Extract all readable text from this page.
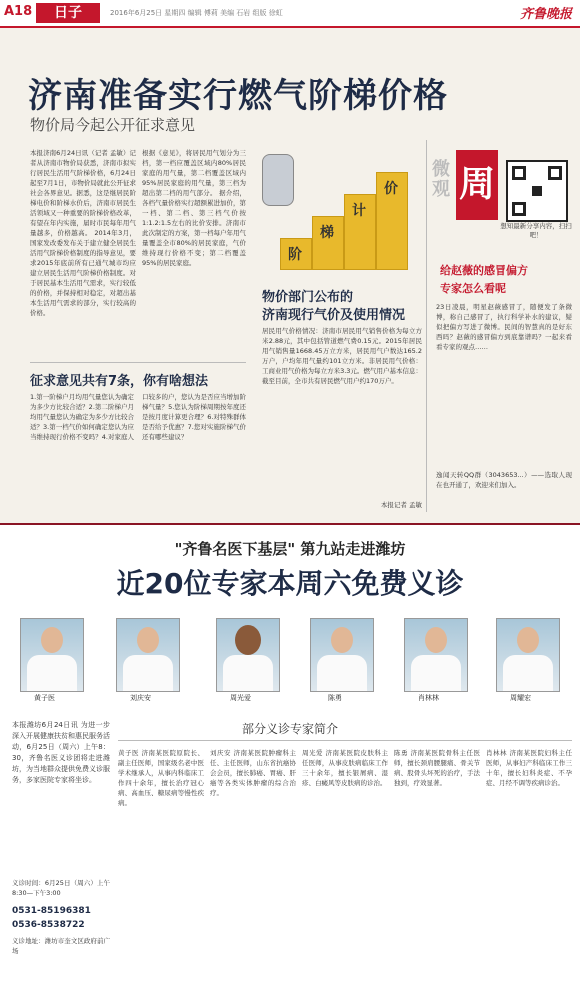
A18	日子	2016年6月25日 星期四 编辑 傅莉 美编 石岩 组版 徐虹	齐鲁晚报
济南准备实行燃气阶梯价格
物价局今起公开征求意见
本报济南6月24日讯（记者 孟敏）记者从济南市物价局获悉，济南市拟实行居民生活用气阶梯价格，6月24日起至7月1日，市物价局就此公开征求社会各界意见。据悉，这是继居民阶梯电价和阶梯水价后，济南市居民生活领域又一种重要的阶梯价格改革，有望在年内实施，届时市民每年用气量越多，价格越高。 2014年3月，国家发改委发布关于建立健全居民生活用气阶梯价格制度的指导意见，要求2015年底前所有已通气城市均应建立居民生活用气阶梯价格制度。对于居民基本生活用气需求，实行较低的价格，并保持相对稳定，对超出基本生活用气需求的部分，实行较高的价格。
根据《意见》，将居民用气划分为三档，第一档应覆盖区域内80%居民家庭的用气量，第二档覆盖区域内95%居民家庭的用气量，第三档为超出第二档的用气部分。 据介绍，各档气量价格实行超额累进加价，第一档、第二档、第三档气价按1:1.2:1.5左右的比价安排。济南市此次制定的方案，第一档每户年用气量覆盖全市80%的居民家庭，气价维持现行价格不变；第二档覆盖95%的居民家庭。	阶
梯
计
价
征求意见共有7条，你有啥想法
1.第一阶梯户月均用气量您认为确定为多少方比较合适？2.第二阶梯户月均用气量您认为确定为多少方比较合适？3.第一档气价如何确定您认为应当维持现行价格不变吗？4.对家庭人口较多的户，您认为是否应当增加阶梯气量？5.您认为阶梯周期按年度还是按月度计算更合理？6.对特殊群体是否给予优惠？7.您对实施阶梯气价还有哪些建议？
物价部门公布的
济南现行气价及使用情况
居民用气价格情况：济南市居民用气销售价格为每立方米2.88元，其中包括管道燃气费0.15元。2015年居民用气销售量1668.45万立方米，居民用气户数达165.2万户，户均年用气量约101立方米。非居民用气价格：工商业用气价格为每立方米3.3元。燃气用户基本信息：截至目前，全市共有居民燃气用户约170万户。
本报记者 孟敏
微观 周
想知最新分享内容，扫扫吧！
给赵薇的感冒偏方
专家怎么看呢
23日凌晨，明星赵薇感冒了，随便发了条微博，称自己感冒了，执行科学补水的建议，疑似把偏方写进了微博。民间的智慧真的是好东西吗？赵薇的感冒偏方到底靠谱吗？一起来看看专家的观点……
逸闻天转QQ群（3043653...）——选取人现在也开通了，欢迎来们加入。
"齐鲁名医下基层" 第九站走进潍坊
近20位专家本周六免费义诊
黄子医	刘庆安	周光爱	陈勇	肖林林	周耀宏
部分义诊专家简介
本报潍坊6月24日讯 为进一步深入开展健康扶贫和惠民服务活动，6月25日（周六）上午8：30，齐鲁名医义诊团将走进潍坊，为当地群众提供免费义诊服务，多家医院专家将坐诊。
义诊时间：6月25日（周六）上午8:30—下午3:00
0531-85196381
0536-8538722
义诊地址：潍坊市奎文区政府前广场
黄子医 济南某医院原院长、副主任医师，国家级名老中医学术继承人，从事内科临床工作四十余年，擅长治疗冠心病、高血压、糖尿病等慢性疾病。
刘庆安 济南某医院肿瘤科主任、主任医师，山东省抗癌协会会员，擅长肺癌、胃癌、肝癌等各类实体肿瘤的综合治疗。
周光爱 济南某医院皮肤科主任医师，从事皮肤病临床工作三十余年，擅长银屑病、湿疹、白癜风等皮肤病的诊治。
陈勇 济南某医院骨科主任医师，擅长颈肩腰腿痛、骨关节病、股骨头坏死的治疗，手法独到，疗效显著。
肖林林 济南某医院妇科主任医师，从事妇产科临床工作三十年，擅长妇科炎症、不孕症、月经不调等疾病诊治。
